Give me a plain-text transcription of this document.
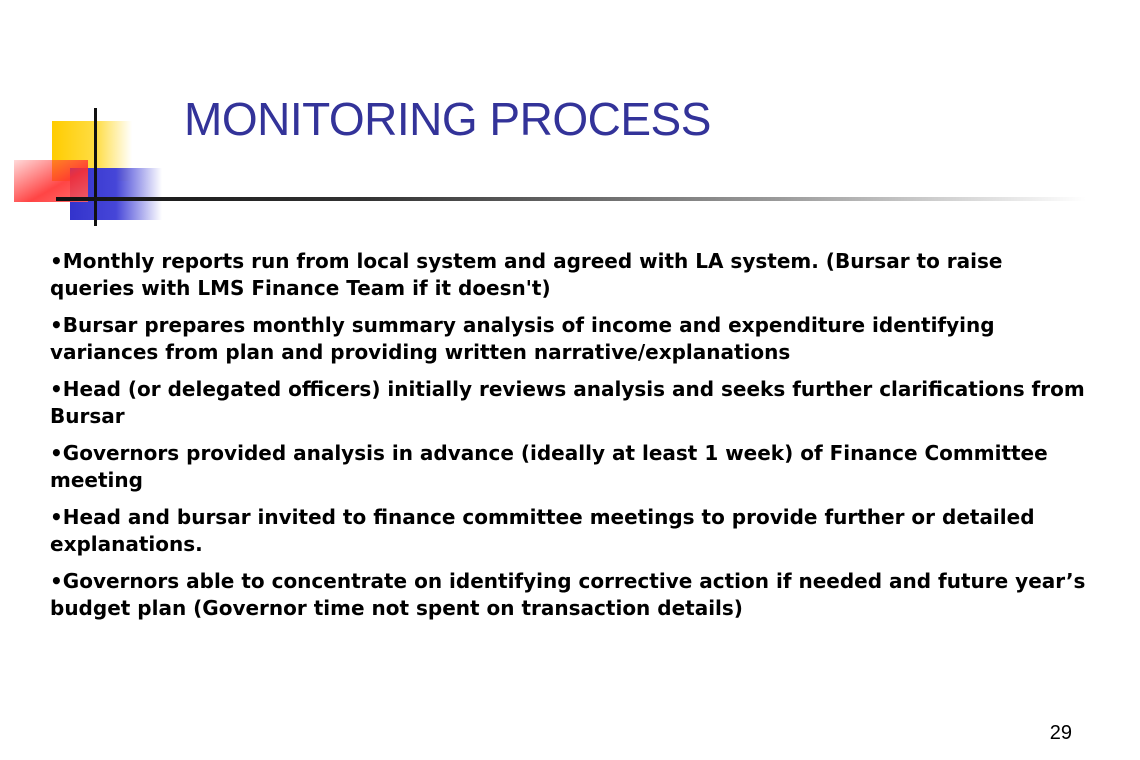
MONITORING PROCESS
• Monthly reports run from local system and agreed with LA system. (Bursar to raise queries with LMS Finance Team if it doesn't)
• Bursar prepares monthly summary analysis of income and expenditure identifying variances from plan and providing written narrative/explanations
• Head (or delegated officers) initially reviews analysis and seeks further clarifications from Bursar
• Governors provided analysis in advance (ideally at least 1 week) of Finance Committee meeting
• Head and bursar invited to finance committee meetings to provide further or detailed explanations.
• Governors able to concentrate on identifying corrective action if needed and future year’s budget plan (Governor time not spent on transaction details)
29
